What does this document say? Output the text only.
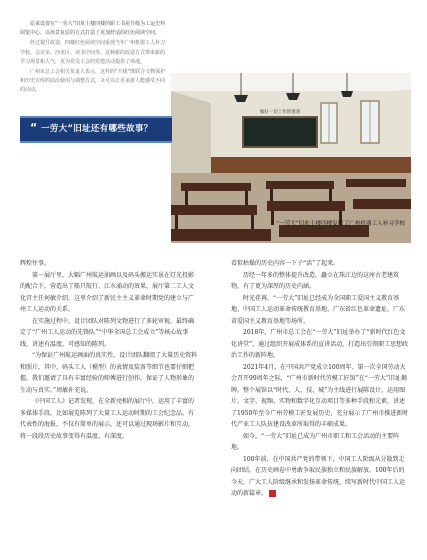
原来设置在“一劳大”旧址主楼四楼的职工书屋升级为工运史料阅览中心，以场景复原的方式打造了更加舒适的红色阅读空间。

经过提升改造，四楼红色阅读空间重现当年广州机器工人补习学校、会议室、沙龙区、读书空间等。这种新的改造方式带来新的学习场景和人气，更为党员工会的党建活动提供了场地。

广州市总工会相关负责人表示，这样的“升级”既联合文物保护和历史宣传的前沿使用与调整方式，又可以让更多游人能感受不同的活动。

做好一切工作的准备
“一劳大”旧址主楼四楼复原了广州机器工人补习学校
“ 一劳大”旧址还有哪些故事？

辉煌往事。

第一展厅里，大幅广州航运油画以及码头搬运实景在灯光投影的配合下，营造出了船只航行、江水涌动的效果。展厅第二工人文化宫主任何敏介绍，这里介绍了新民主主义革命时期党的建立与广州工人运动的关系。

在实施过程中，设计团队对陈列文物进行了多轮审视，最终确定了“广州工人运动的先锋队”“中华全国总工会成立”等核心故事线，讲述有温度、可感知的陈列。

“为保证广州航运画面的真实性，设计团队翻阅了大量历史资料和照片，其中，码头工人（模型）的表情及装备等细节也要仔细把握。我们邀请了具有丰富经验的师傅进行创作，保证了人物形象的生动与真实。”周敏补充说。

《中国工人》记者发现，在全新亮相的展厅中，运用了丰富的多媒体手段。比如展览陈列了大量工人运动时期的工会纪念品、有代表性的海报，不仅有简单的展示，还可以通过现场影片和互动，将一段段历史故事变得有温度、有深度。

看似枯燥的历史内容一下子“活”了起来。

历经一年多的整体提升改造，矗立在珠江边的这座古老建筑物，有了更为深厚的历史内涵。

时光荏苒，“一劳大”旧址已经成为全国职工爱国主义教育基地、中国工人运动革命传统教育基地、广东省红色革命遗址、广东省爱国主义教育基地等场所。

2018年，广州市总工会在“一劳大”旧址举办了“新时代红色文化讲堂”，通过组织开展成体系的宣讲活动，打造出引领职工思想政治工作的新阵地。

2021年4月，在中国共产党成立100周年、第一次全国劳动大会召开99周年之际，“广州市新时代劳模工匠馆”在“一劳大”旧址揭牌。整个展馆以“时代、人、技、城”为主线进行展陈设计，运用图片、文字、视频、实物和数字化互动项目等多种手段和元素，讲述了1950年至今广州劳模工匠发展历史，充分展示了广州市推进新时代产业工人队伍建设改革所取得的丰硕成果。

如今，“一劳大”旧址已成为广州市职工和工会活动的主要阵地。

100年前，在中国共产党的带领下，中国工人阶级从分散到走向团结，在历史画卷中勇敢争取民族独立和民族解放。100年后的今天，广大工人阶级继承和发扬革命传统，续写新时代中国工人运动的新篇章。
